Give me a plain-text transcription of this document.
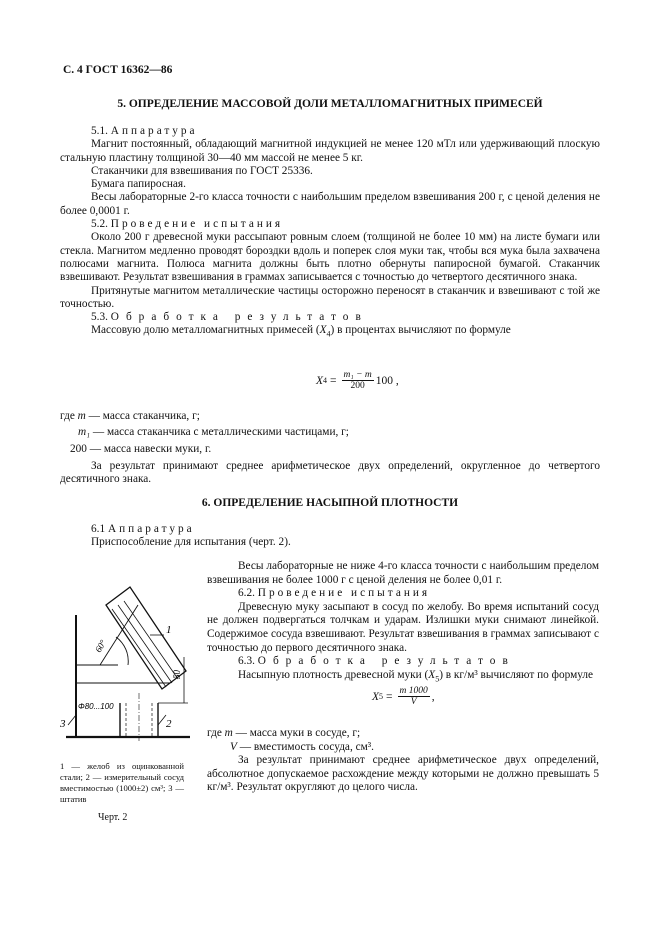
С. 4 ГОСТ 16362—86
5. ОПРЕДЕЛЕНИЕ МАССОВОЙ ДОЛИ МЕТАЛЛОМАГНИТНЫХ ПРИМЕСЕЙ

5.1. Аппаратура

Магнит постоянный, обладающий магнитной индукцией не менее 120 мТл или удерживающий плоскую стальную пластину толщиной 30—40 мм массой не менее 5 кг.

Стаканчики для взвешивания по ГОСТ 25336.

Бумага папиросная.

Весы лабораторные 2-го класса точности с наибольшим пределом взвешивания 200 г, с ценой деления не более 0,0001 г.

5.2. Проведение испытания

Около 200 г древесной муки рассыпают ровным слоем (толщиной не более 10 мм) на листе бумаги или стекла. Магнитом медленно проводят бороздки вдоль и поперек слоя муки так, чтобы вся мука была захвачена полюсами магнита. Полюса магнита должны быть плотно обернуты папиросной бумагой. Стаканчик взвешивают. Результат взвешивания в граммах записывается с точностью до четвертого десятичного знака.

Притянутые магнитом металлические частицы осторожно переносят в стаканчик и взвешивают с той же точностью.

5.3. Обработка результатов

Массовую долю металломагнитных примесей $(X_4)$ в процентах вычисляют по формуле

X $4 = \frac{\text{m₁ − m}}{200} 100$ ,

где m — масса стаканчика, г;

m₁ — масса стаканчика с металлическими частицами, г;

200 — масса навески муки, г.

За результат принимают среднее арифметическое двух определений, округленное до четвертого десятичного знака.

6. ОПРЕДЕЛЕНИЕ НАСЫПНОЙ ПЛОТНОСТИ

6.1 Аппаратура

Приспособление для испытания (черт. 2).

Весы лабораторные не ниже 4-го класса точности с наибольшим пределом взвешивания не более 1000 г с ценой деления не более 0,01 г.

6.2. Проведение испытания

Древесную муку засыпают в сосуд по желобу. Во время испытаний сосуд не должен подвергаться толчкам и ударам. Излишки муки снимают линейкой. Содержимое сосуда взвешивают. Результат взвешивания в граммах записывают с точностью до первого десятичного знака.

6.3. Обработка результатов

Насыпную плотность древесной муки $(X_5)$ в кг/м³ вычисляют по формуле

X $5 = \frac{m 1000}{V}$ ,

где m — масса муки в сосуде, г;

V — вместимость сосуда, см³.

За результат принимают среднее арифметическое двух определений, абсолютное допускаемое расхождение между которыми не должно превышать 5 кг/м³. Результат округляют до целого числа.

1
2
3
60°
50
Φ80...100
1 — желоб из оцинкованной стали; 2 — измерительный сосуд вместимостью (1000±2) см³; 3 — штатив
Черт. 2
